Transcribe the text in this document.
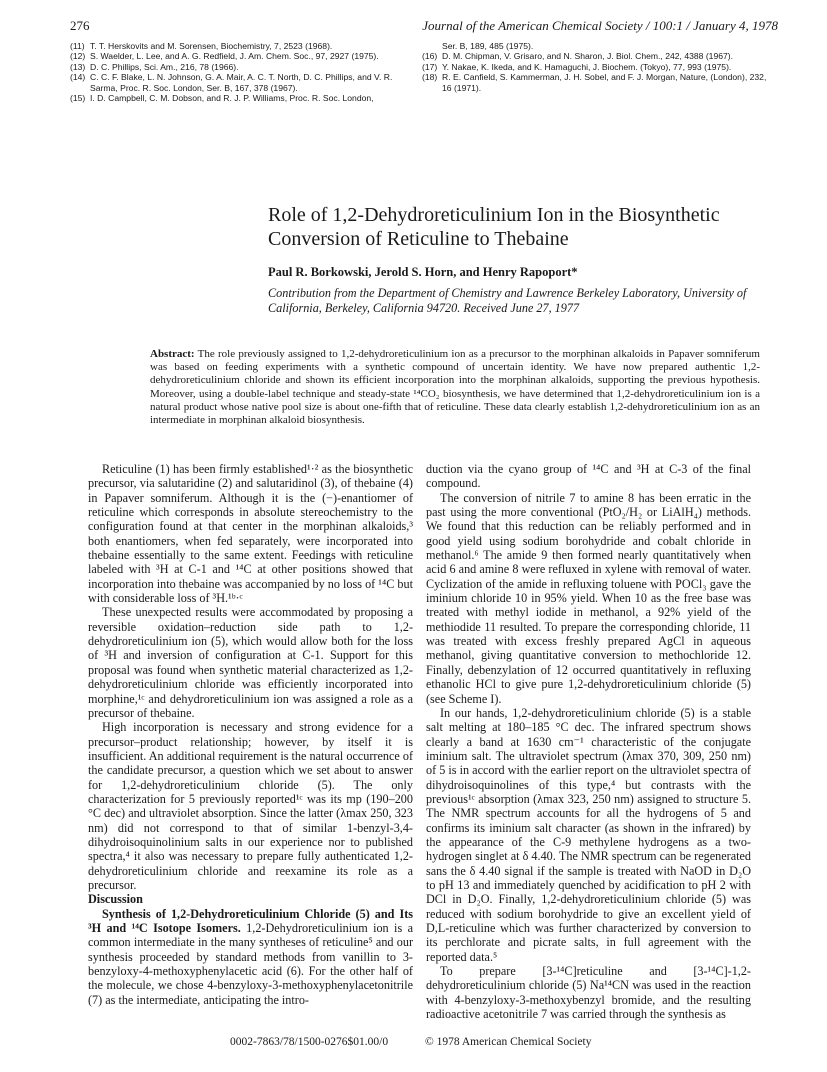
276	Journal of the American Chemical Society / 100:1 / January 4, 1978
(11) T. T. Herskovits and M. Sorensen, Biochemistry, 7, 2523 (1968).
(12) S. Waelder, L. Lee, and A. G. Redfield, J. Am. Chem. Soc., 97, 2927 (1975).
(13) D. C. Phillips, Sci. Am., 216, 78 (1966).
(14) C. C. F. Blake, L. N. Johnson, G. A. Mair, A. C. T. North, D. C. Phillips, and V. R. Sarma, Proc. R. Soc. London, Ser. B, 167, 378 (1967).
(15) I. D. Campbell, C. M. Dobson, and R. J. P. Williams, Proc. R. Soc. London,
Ser. B, 189, 485 (1975).
(16) D. M. Chipman, V. Grisaro, and N. Sharon, J. Biol. Chem., 242, 4388 (1967).
(17) Y. Nakae, K. Ikeda, and K. Hamaguchi, J. Biochem. (Tokyo), 77, 993 (1975).
(18) R. E. Canfield, S. Kammerman, J. H. Sobel, and F. J. Morgan, Nature, (London), 232, 16 (1971).
Role of 1,2-Dehydroreticulinium Ion in the Biosynthetic Conversion of Reticuline to Thebaine
Paul R. Borkowski, Jerold S. Horn, and Henry Rapoport*
Contribution from the Department of Chemistry and Lawrence Berkeley Laboratory, University of California, Berkeley, California 94720. Received June 27, 1977
Abstract: The role previously assigned to 1,2-dehydroreticulinium ion as a precursor to the morphinan alkaloids in Papaver somniferum was based on feeding experiments with a synthetic compound of uncertain identity. We have now prepared authentic 1,2-dehydroreticulinium chloride and shown its efficient incorporation into the morphinan alkaloids, supporting the previous hypothesis. Moreover, using a double-label technique and steady-state ¹⁴CO₂ biosynthesis, we have determined that 1,2-dehydroreticulinium ion is a natural product whose native pool size is about one-fifth that of reticuline. These data clearly establish 1,2-dehydroreticulinium ion as an intermediate in morphinan alkaloid biosynthesis.

Reticuline (1) has been firmly established¹·² as the biosynthetic precursor, via salutaridine (2) and salutaridinol (3), of thebaine (4) in Papaver somniferum. Although it is the (−)-enantiomer of reticuline which corresponds in absolute stereochemistry to the configuration found at that center in the morphinan alkaloids,³ both enantiomers, when fed separately, were incorporated into thebaine essentially to the same extent. Feedings with reticuline labeled with ³H at C-1 and ¹⁴C at other positions showed that incorporation into thebaine was accompanied by no loss of ¹⁴C but with considerable loss of ³H.¹ᵇ·ᶜ

These unexpected results were accommodated by proposing a reversible oxidation–reduction side path to 1,2-dehydroreticulinium ion (5), which would allow both for the loss of ³H and inversion of configuration at C-1. Support for this proposal was found when synthetic material characterized as 1,2-dehydroreticulinium chloride was efficiently incorporated into morphine,¹ᶜ and dehydroreticulinium ion was assigned a role as a precursor of thebaine.

High incorporation is necessary and strong evidence for a precursor–product relationship; however, by itself it is insufficient. An additional requirement is the natural occurrence of the candidate precursor, a question which we set about to answer for 1,2-dehydroreticulinium chloride (5). The only characterization for 5 previously reported¹ᶜ was its mp (190–200 °C dec) and ultraviolet absorption. Since the latter (λmax 250, 323 nm) did not correspond to that of similar 1-benzyl-3,4-dihydroisoquinolinium salts in our experience nor to published spectra,⁴ it also was necessary to prepare fully authenticated 1,2-dehydroreticulinium chloride and reexamine its role as a precursor.

Discussion

Synthesis of 1,2-Dehydroreticulinium Chloride (5) and Its ³H and ¹⁴C Isotope Isomers. 1,2-Dehydroreticulinium ion is a common intermediate in the many syntheses of reticuline⁵ and our synthesis proceeded by standard methods from vanillin to 3-benzyloxy-4-methoxyphenylacetic acid (6). For the other half of the molecule, we chose 4-benzyloxy-3-methoxyphenylacetonitrile (7) as the intermediate, anticipating the intro-

duction via the cyano group of ¹⁴C and ³H at C-3 of the final compound.

The conversion of nitrile 7 to amine 8 has been erratic in the past using the more conventional (PtO₂/H₂ or LiAlH₄) methods. We found that this reduction can be reliably performed and in good yield using sodium borohydride and cobalt chloride in methanol.⁶ The amide 9 then formed nearly quantitatively when acid 6 and amine 8 were refluxed in xylene with removal of water. Cyclization of the amide in refluxing toluene with POCl₃ gave the iminium chloride 10 in 95% yield. When 10 as the free base was treated with methyl iodide in methanol, a 92% yield of the methiodide 11 resulted. To prepare the corresponding chloride, 11 was treated with excess freshly prepared AgCl in aqueous methanol, giving quantitative conversion to methochloride 12. Finally, debenzylation of 12 occurred quantitatively in refluxing ethanolic HCl to give pure 1,2-dehydroreticulinium chloride (5) (see Scheme I).

In our hands, 1,2-dehydroreticulinium chloride (5) is a stable salt melting at 180–185 °C dec. The infrared spectrum shows clearly a band at 1630 cm⁻¹ characteristic of the conjugate iminium salt. The ultraviolet spectrum (λmax 370, 309, 250 nm) of 5 is in accord with the earlier report on the ultraviolet spectra of dihydroisoquinolines of this type,⁴ but contrasts with the previous¹ᶜ absorption (λmax 323, 250 nm) assigned to structure 5. The NMR spectrum accounts for all the hydrogens of 5 and confirms its iminium salt character (as shown in the infrared) by the appearance of the C-9 methylene hydrogens as a two-hydrogen singlet at δ 4.40. The NMR spectrum can be regenerated sans the δ 4.40 signal if the sample is treated with NaOD in D₂O to pH 13 and immediately quenched by acidification to pH 2 with DCl in D₂O. Finally, 1,2-dehydroreticulinium chloride (5) was reduced with sodium borohydride to give an excellent yield of D,L-reticuline which was further characterized by conversion to its perchlorate and picrate salts, in full agreement with the reported data.⁵

To prepare [3-¹⁴C]reticuline and [3-¹⁴C]-1,2-dehydroreticulinium chloride (5) Na¹⁴CN was used in the reaction with 4-benzyloxy-3-methoxybenzyl bromide, and the resulting radioactive acetonitrile 7 was carried through the synthesis as

0002-7863/78/1500-0276$01.00/0	© 1978 American Chemical Society
